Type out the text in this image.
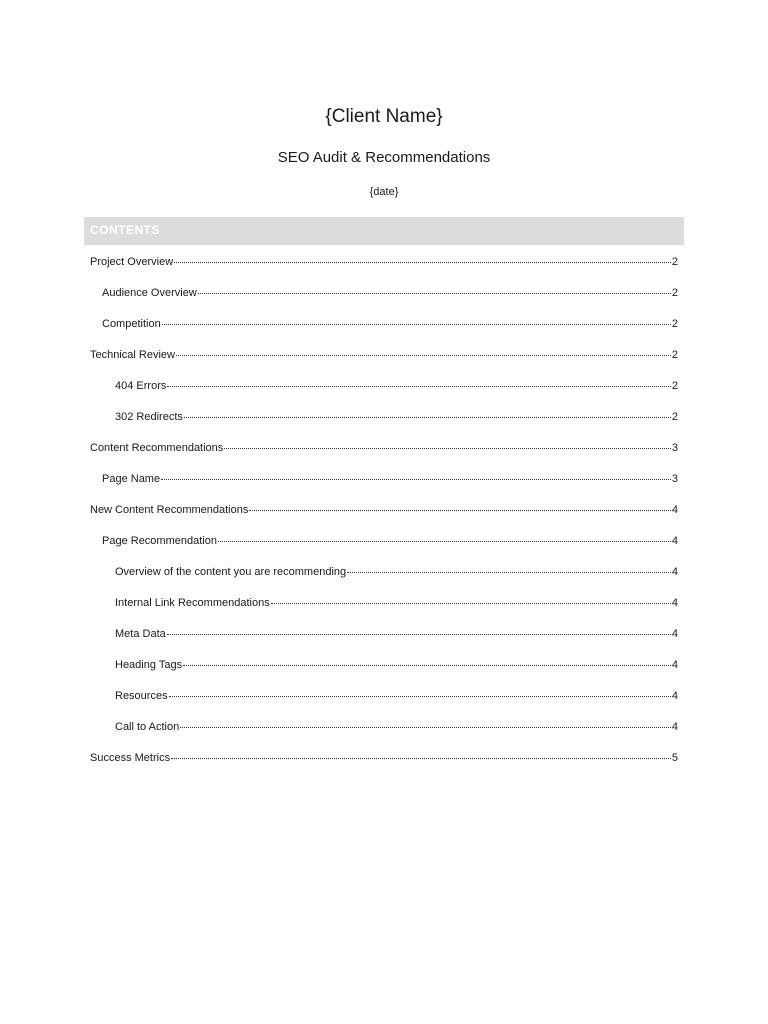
{Client Name}
SEO Audit & Recommendations
{date}
CONTENTS
Project Overview	2
Audience Overview	2
Competition	2
Technical Review	2
404 Errors	2
302 Redirects	2
Content Recommendations	3
Page Name	3
New Content Recommendations	4
Page Recommendation	4
Overview of the content you are recommending	4
Internal Link Recommendations	4
Meta Data	4
Heading Tags	4
Resources	4
Call to Action	4
Success Metrics	5
